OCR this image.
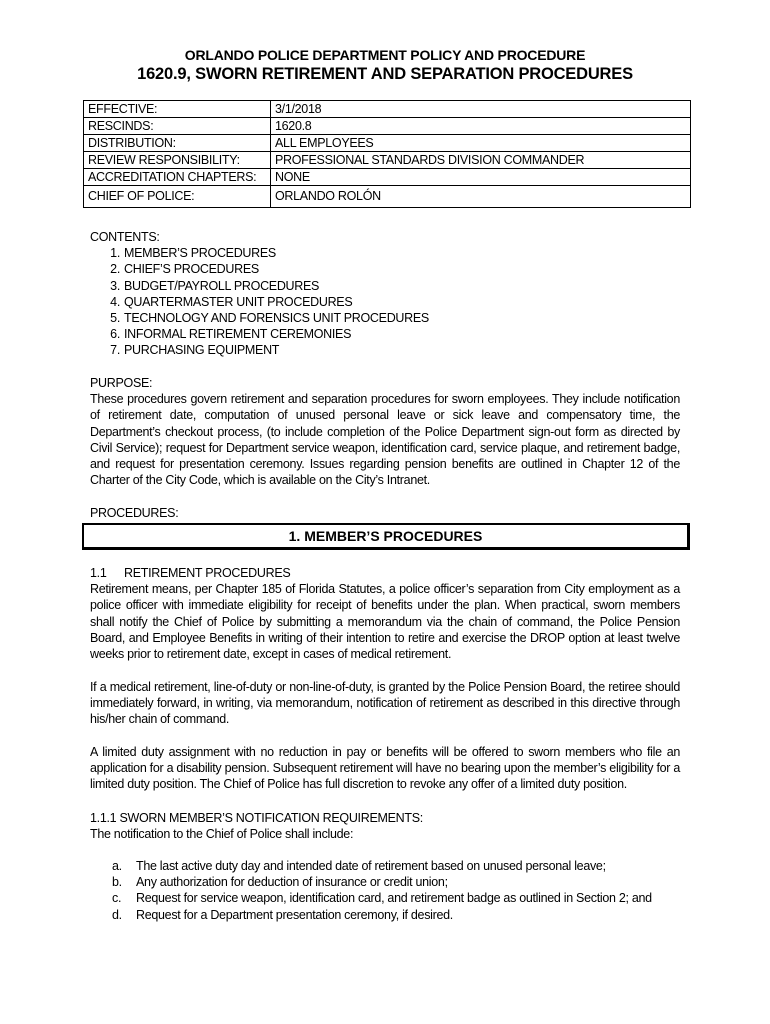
ORLANDO POLICE DEPARTMENT POLICY AND PROCEDURE
1620.9, SWORN RETIREMENT AND SEPARATION PROCEDURES
EFFECTIVE:	3/1/2018
RESCINDS:	1620.8
DISTRIBUTION:	ALL EMPLOYEES
REVIEW RESPONSIBILITY:	PROFESSIONAL STANDARDS DIVISION COMMANDER
ACCREDITATION CHAPTERS:	NONE
CHIEF OF POLICE:	ORLANDO ROLÓN
CONTENTS:
1. MEMBER’S PROCEDURES
2. CHIEF’S PROCEDURES
3. BUDGET/PAYROLL PROCEDURES
4. QUARTERMASTER UNIT PROCEDURES
5. TECHNOLOGY AND FORENSICS UNIT PROCEDURES
6. INFORMAL RETIREMENT CEREMONIES
7. PURCHASING EQUIPMENT
PURPOSE:
These procedures govern retirement and separation procedures for sworn employees. They include notification of retirement date, computation of unused personal leave or sick leave and compensatory time, the Department’s checkout process, (to include completion of the Police Department sign-out form as directed by Civil Service); request for Department service weapon, identification card, service plaque, and retirement badge, and request for presentation ceremony. Issues regarding pension benefits are outlined in Chapter 12 of the Charter of the City Code, which is available on the City’s Intranet.
PROCEDURES:
1. MEMBER’S PROCEDURES
1.1 RETIREMENT PROCEDURES
Retirement means, per Chapter 185 of Florida Statutes, a police officer’s separation from City employment as a police officer with immediate eligibility for receipt of benefits under the plan. When practical, sworn members shall notify the Chief of Police by submitting a memorandum via the chain of command, the Police Pension Board, and Employee Benefits in writing of their intention to retire and exercise the DROP option at least twelve weeks prior to retirement date, except in cases of medical retirement.
If a medical retirement, line-of-duty or non-line-of-duty, is granted by the Police Pension Board, the retiree should immediately forward, in writing, via memorandum, notification of retirement as described in this directive through his/her chain of command.
A limited duty assignment with no reduction in pay or benefits will be offered to sworn members who file an application for a disability pension. Subsequent retirement will have no bearing upon the member’s eligibility for a limited duty position. The Chief of Police has full discretion to revoke any offer of a limited duty position.
1.1.1 SWORN MEMBER’S NOTIFICATION REQUIREMENTS:
The notification to the Chief of Police shall include:
a. The last active duty day and intended date of retirement based on unused personal leave;
b. Any authorization for deduction of insurance or credit union;
c. Request for service weapon, identification card, and retirement badge as outlined in Section 2; and
d. Request for a Department presentation ceremony, if desired.
